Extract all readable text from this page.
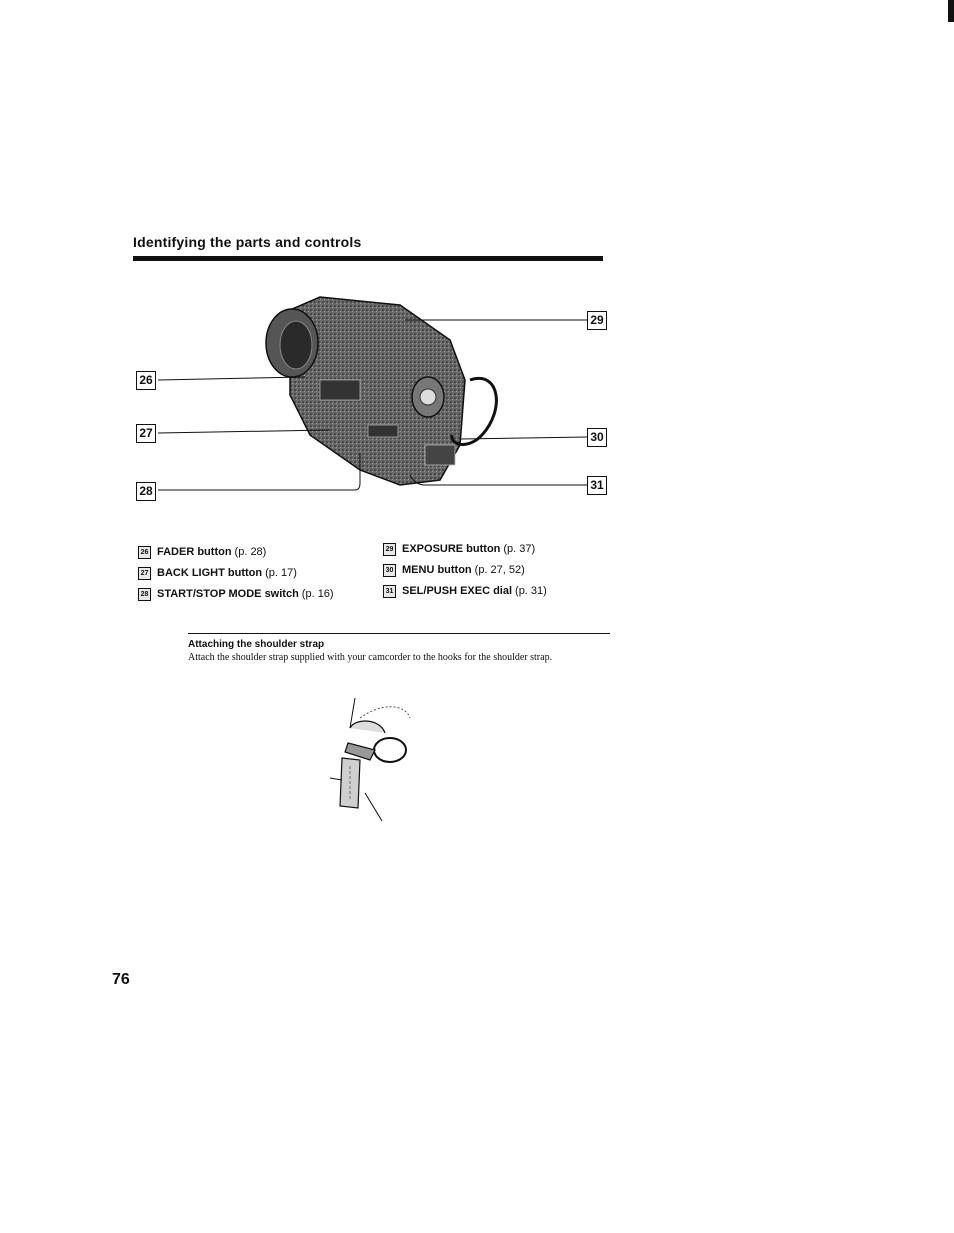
Identifying the parts and controls
26
27
28
29
30
31
26 FADER button (p. 28)
27 BACK LIGHT button (p. 17)
28 START/STOP MODE switch (p. 16)
29 EXPOSURE button (p. 37)
30 MENU button (p. 27, 52)
31 SEL/PUSH EXEC dial (p. 31)
Attaching the shoulder strap
Attach the shoulder strap supplied with your camcorder to the hooks for the shoulder strap.
76
